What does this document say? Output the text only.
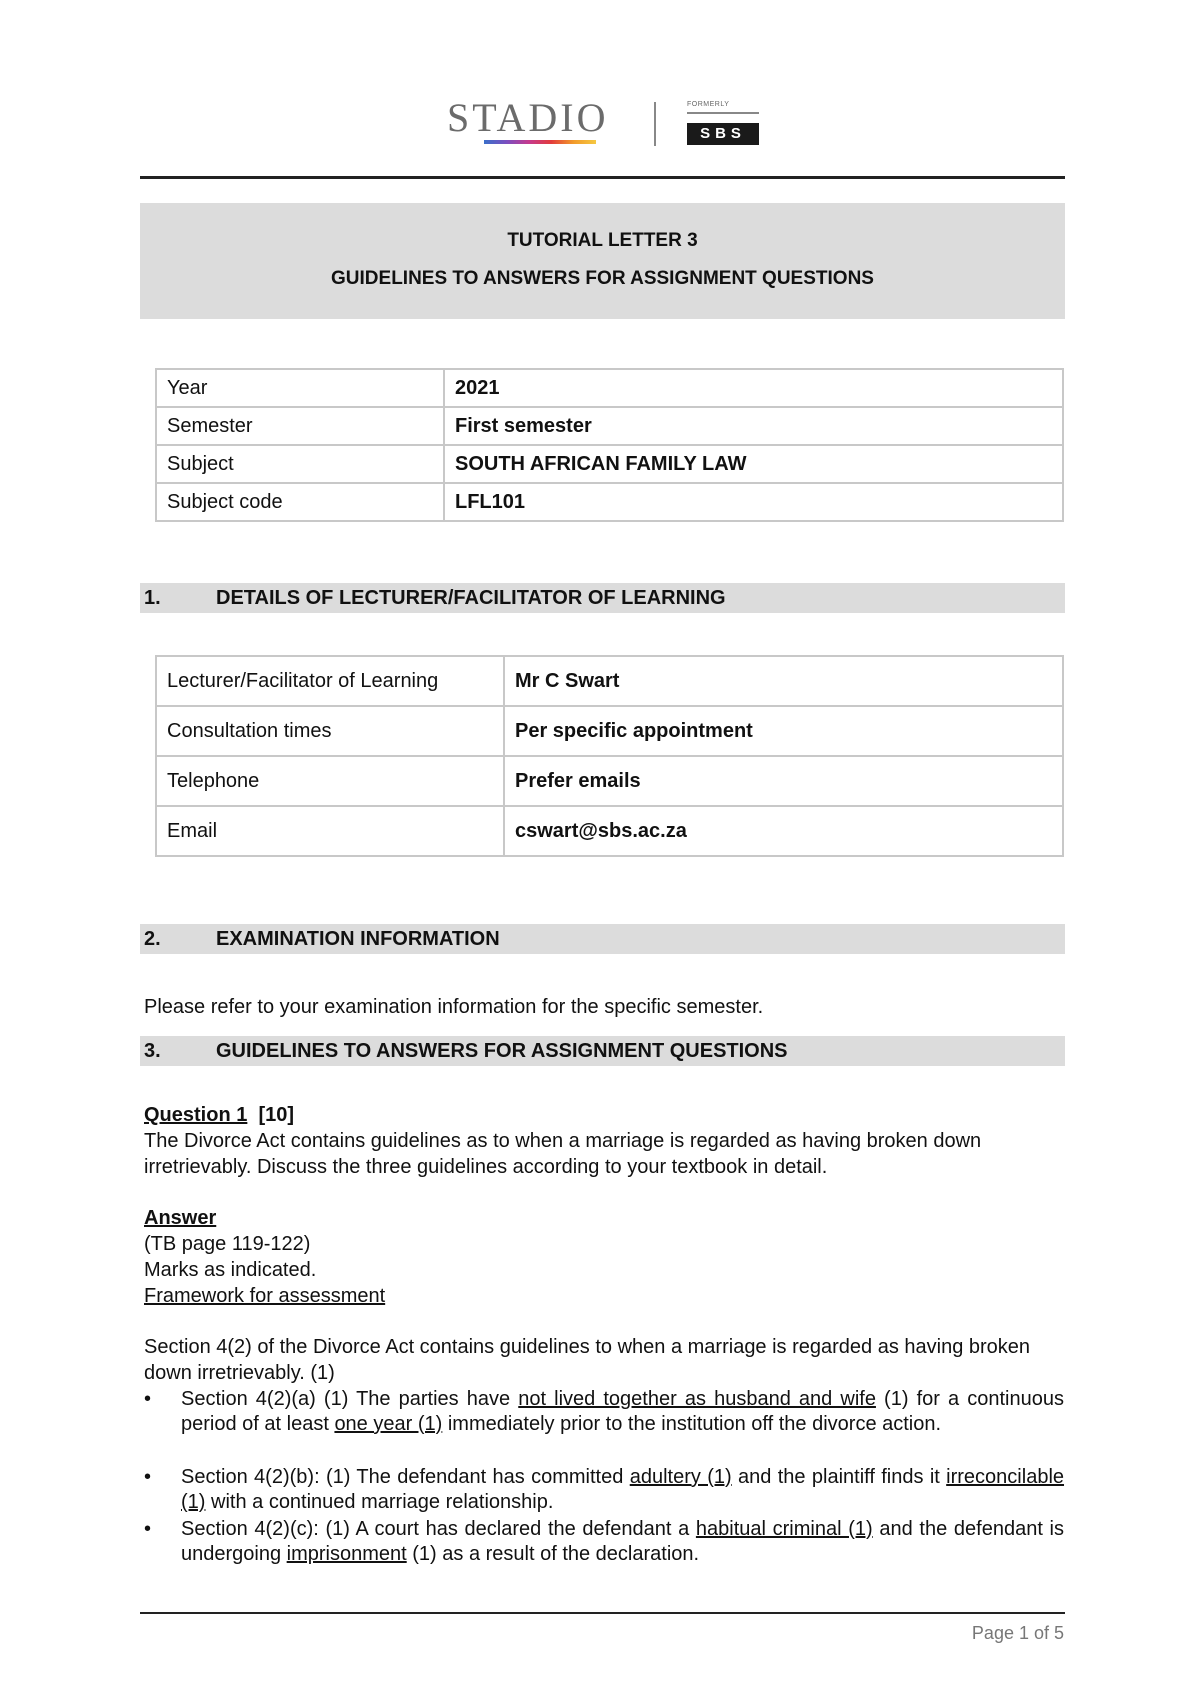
STADIO	FORMERLY
SBS
TUTORIAL LETTER 3
GUIDELINES TO ANSWERS FOR ASSIGNMENT QUESTIONS
Year	2021
Semester	First semester
Subject	SOUTH AFRICAN FAMILY LAW
Subject code	LFL101
1.	DETAILS OF LECTURER/FACILITATOR OF LEARNING
Lecturer/Facilitator of Learning	Mr C Swart
Consultation times	Per specific appointment
Telephone	Prefer emails
Email	cswart@sbs.ac.za
2.	EXAMINATION INFORMATION
Please refer to your examination information for the specific semester.
3.	GUIDELINES TO ANSWERS FOR ASSIGNMENT QUESTIONS
Question 1 [10]
The Divorce Act contains guidelines as to when a marriage is regarded as having broken down irretrievably. Discuss the three guidelines according to your textbook in detail.
Answer
(TB page 119-122)
Marks as indicated.
Framework for assessment
Section 4(2) of the Divorce Act contains guidelines to when a marriage is regarded as having broken down irretrievably. (1)
•	Section 4(2)(a) (1) The parties have not lived together as husband and wife (1) for a continuous period of at least one year (1) immediately prior to the institution off the divorce action.
•	Section 4(2)(b): (1) The defendant has committed adultery (1) and the plaintiff finds it irreconcilable (1) with a continued marriage relationship.
•	Section 4(2)(c): (1) A court has declared the defendant a habitual criminal (1) and the defendant is undergoing imprisonment (1) as a result of the declaration.
Page 1 of 5
